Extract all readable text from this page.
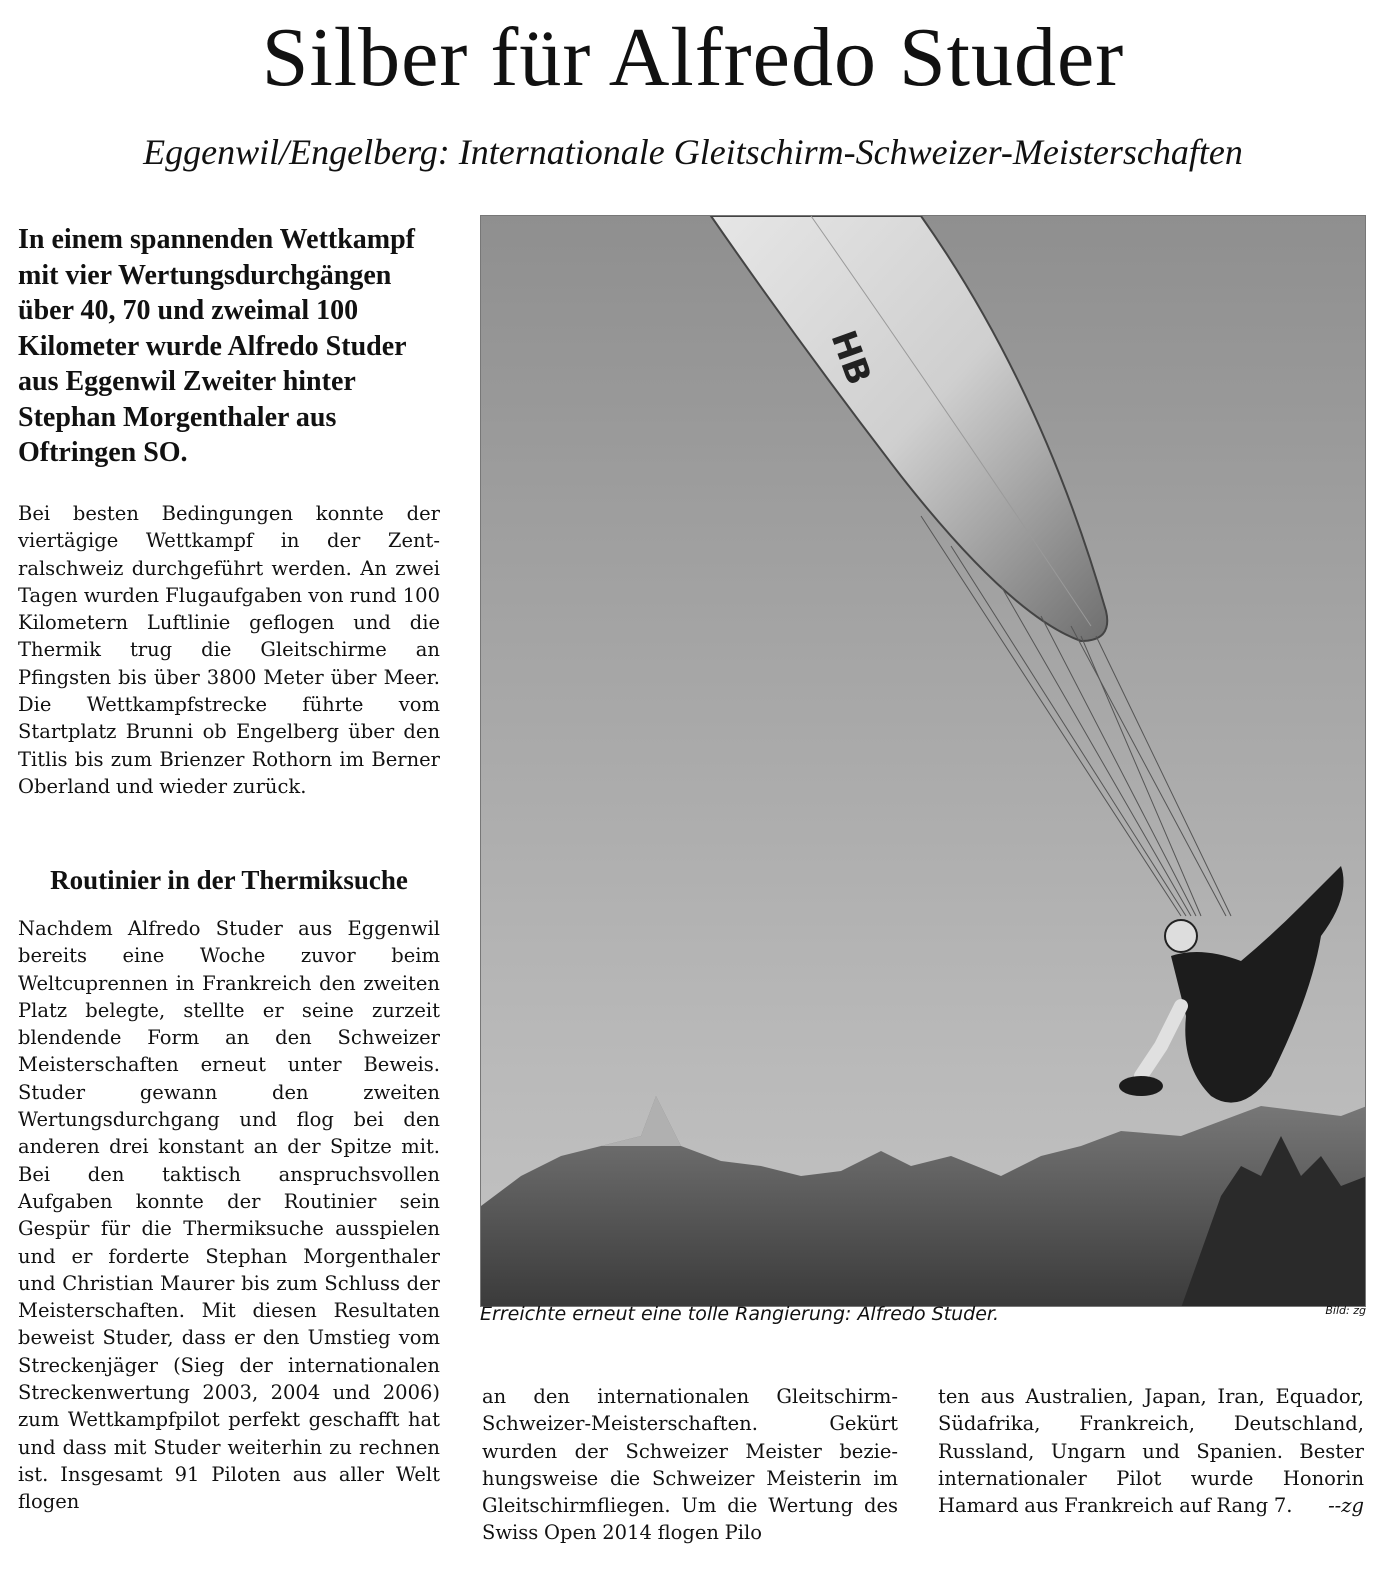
Silber für Alfredo Studer
Eggenwil/Engelberg: Internationale Gleitschirm-Schweizer-Meisterschaften

In einem spannenden Wettkampf mit vier Wertungsdurchgängen über 40, 70 und zweimal 100 Kilometer wurde Alfredo Studer aus Eggenwil Zweiter hinter Stephan Morgenthaler aus Oftringen SO.

Bei besten Bedingungen konnte der viertägige Wettkampf in der Zentralschweiz durchgeführt werden. An zwei Tagen wurden Flugaufgaben von rund 100 Kilometern Luftlinie geflogen und die Thermik trug die Gleitschirme an Pfingsten bis über 3800 Meter über Meer. Die Wettkampfstrecke führte vom Startplatz Brunni ob Engelberg über den Titlis bis zum Brienzer Rothorn im Berner Oberland und wieder zurück.

Routinier in der Thermiksuche

Nachdem Alfredo Studer aus Eggenwil bereits eine Woche zuvor beim Weltcuprennen in Frankreich den zweiten Platz belegte, stellte er seine zurzeit blendende Form an den Schweizer Meisterschaften erneut unter Beweis. Studer gewann den zweiten Wertungsdurchgang und flog bei den anderen drei konstant an der Spitze mit. Bei den taktisch anspruchsvollen Aufgaben konnte der Routinier sein Gespür für die Thermiksuche ausspielen und er forderte Stephan Morgenthaler und Christian Maurer bis zum Schluss der Meisterschaften. Mit diesen Resultaten beweist Studer, dass er den Umstieg vom Streckenjäger (Sieg der internationalen Streckenwertung 2003, 2004 und 2006) zum Wettkampfpilot perfekt geschafft hat und dass mit Studer weiterhin zu rechnen ist. Insgesamt 91 Piloten aus aller Welt flogen

HB

Erreichte erneut eine tolle Rangierung: Alfredo Studer.	Bild: zg

an den internationalen Gleitschirm-Schweizer-Meisterschaften. Gekürt wurden der Schweizer Meister beziehungsweise die Schweizer Meisterin im Gleitschirmfliegen. Um die Wertung des Swiss Open 2014 flogen Pilo

ten aus Australien, Japan, Iran, Equador, Südafrika, Frankreich, Deutschland, Russland, Ungarn und Spanien. Bester internationaler Pilot wurde Honorin Hamard aus Frankreich auf Rang 7. --zg
